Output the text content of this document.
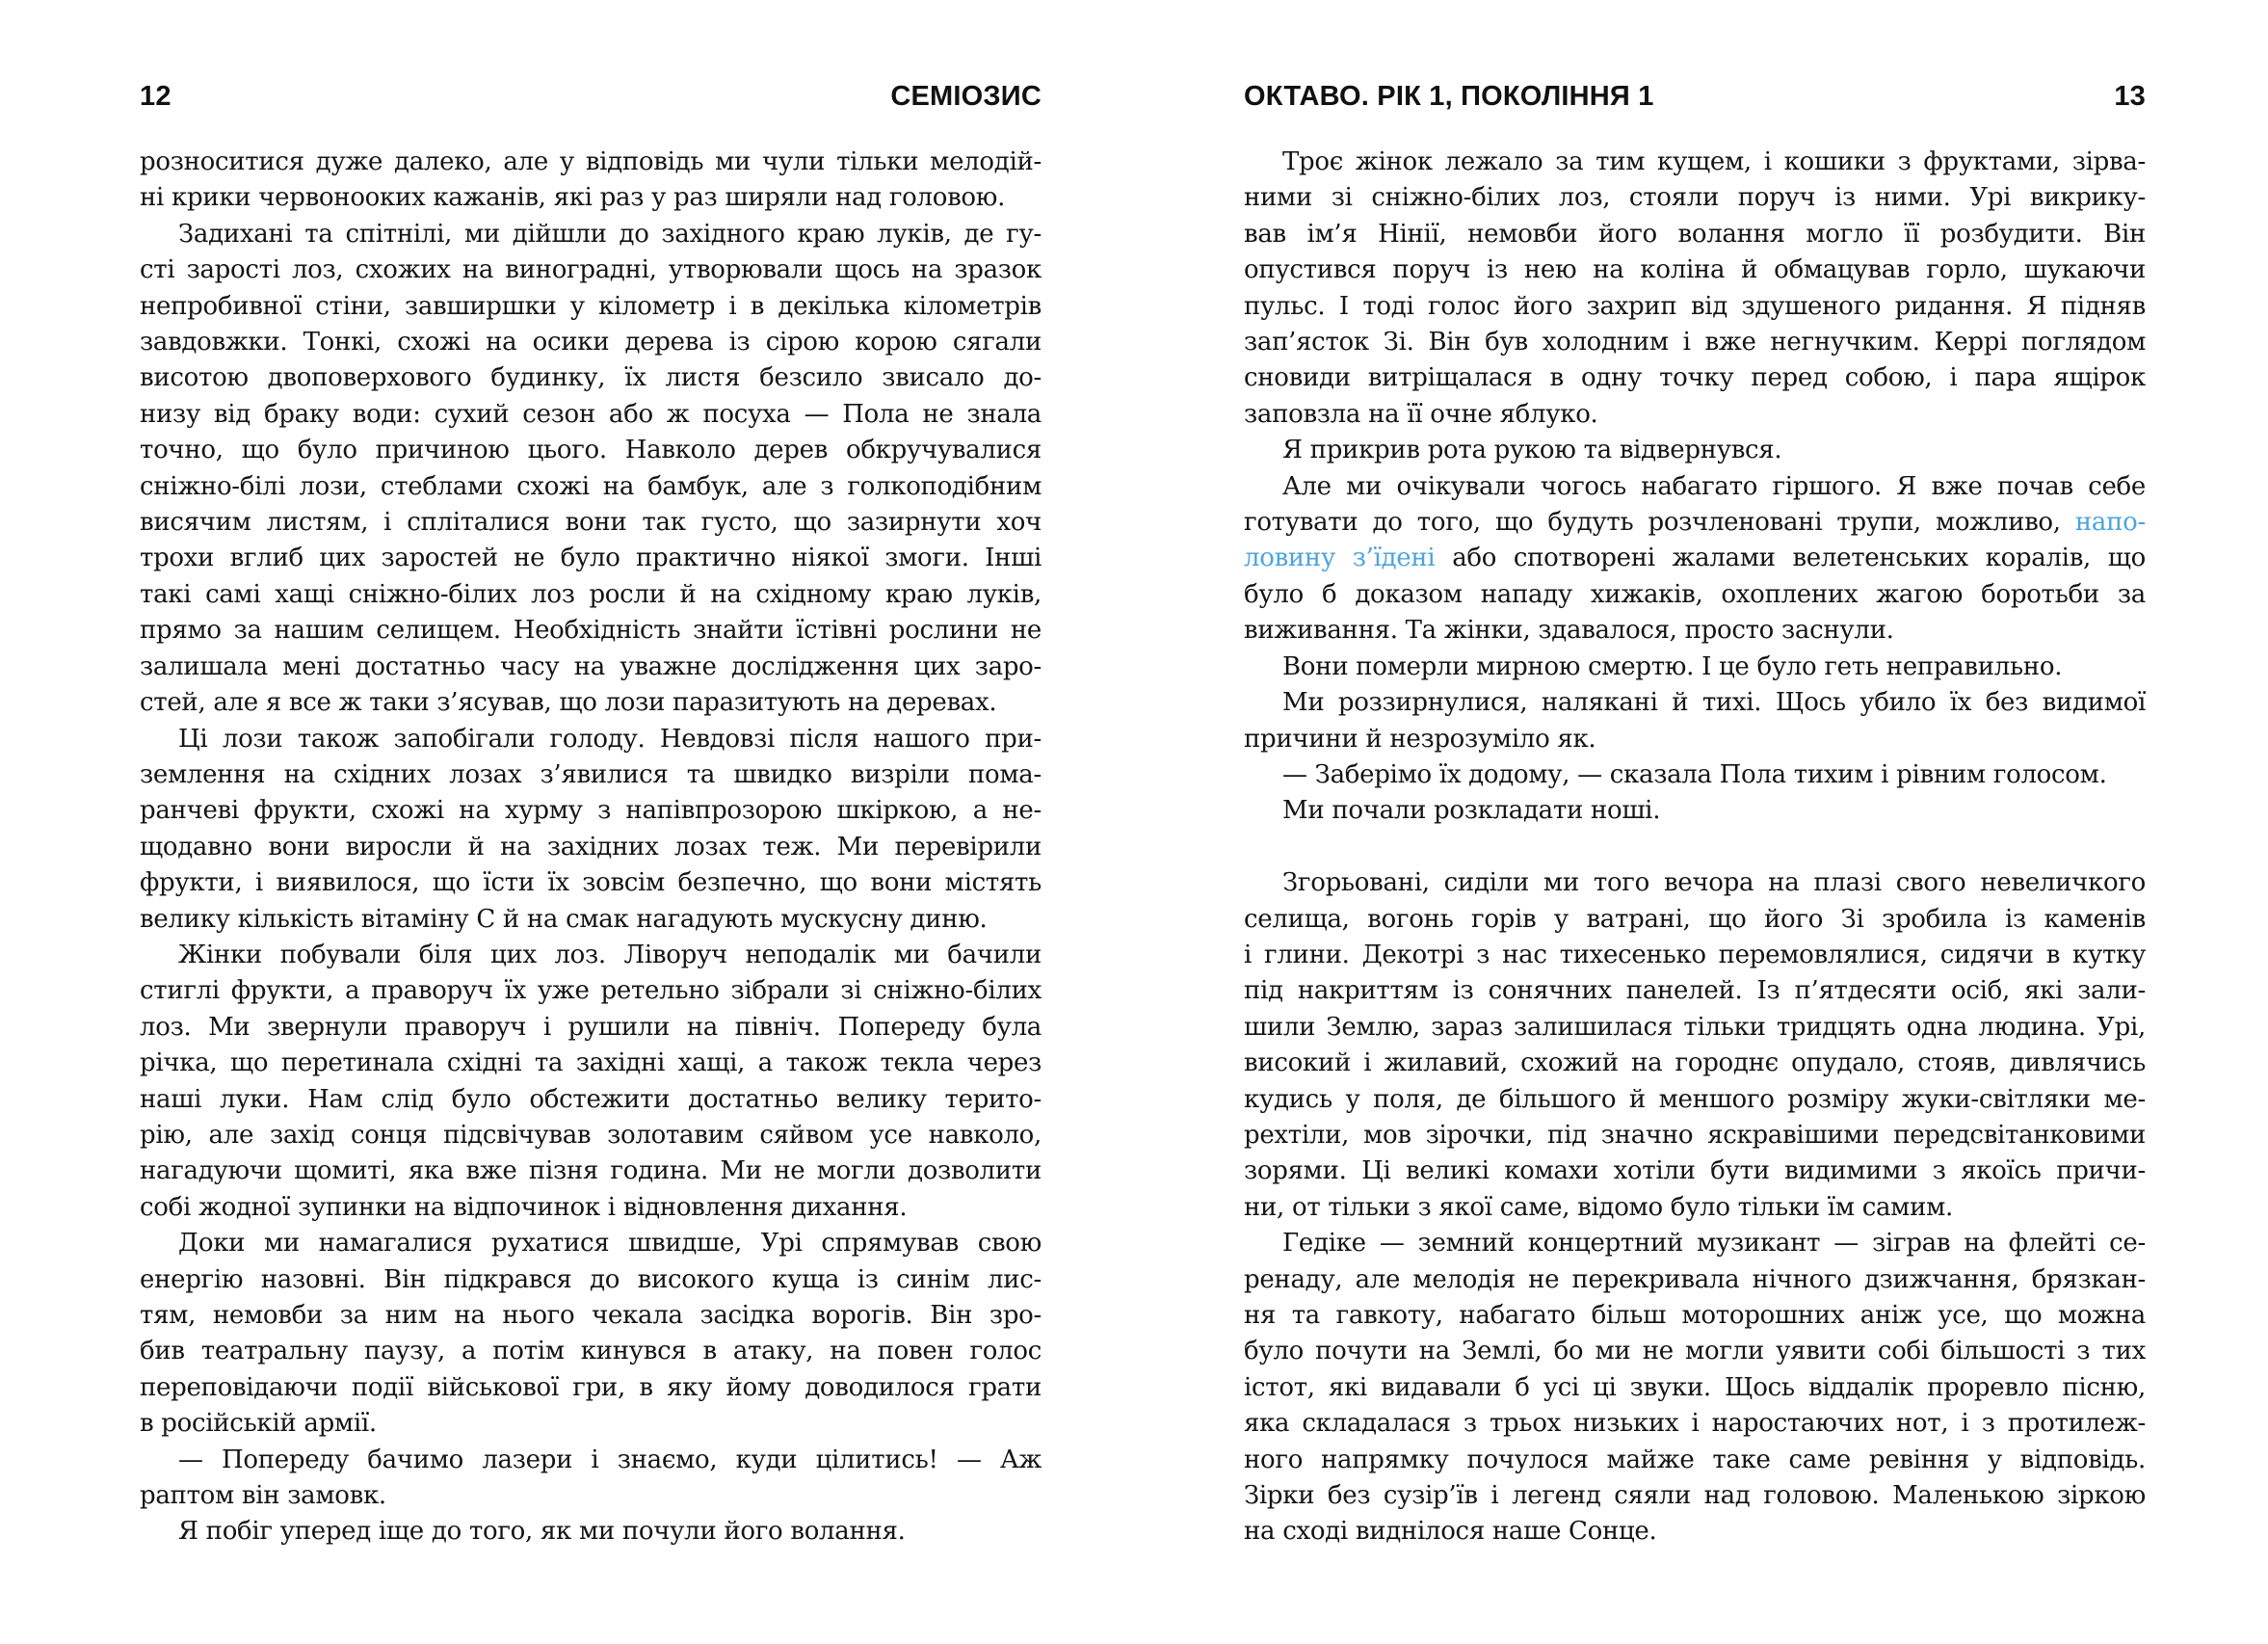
12	СЕМІОЗИС
розноситися дуже далеко, але у відповідь ми чули тільки мелодій-
ні крики червонооких кажанів, які раз у раз ширяли над головою.
Задихані та спітнілі, ми дійшли до західного краю луків, де гу-
сті зарості лоз, схожих на виноградні, утворювали щось на зразок
непробивної стіни, завширшки у кілометр і в декілька кілометрів
завдовжки. Тонкі, схожі на осики дерева із сірою корою сягали
висотою двоповерхового будинку, їх листя безсило звисало до-
низу від браку води: сухий сезон або ж посуха — Пола не знала
точно, що було причиною цього. Навколо дерев обкручувалися
сніжно-білі лози, стеблами схожі на бамбук, але з голкоподібним
висячим листям, і спліталися вони так густо, що зазирнути хоч
трохи вглиб цих заростей не було практично ніякої змоги. Інші
такі самі хащі сніжно-білих лоз росли й на східному краю луків,
прямо за нашим селищем. Необхідність знайти їстівні рослини не
залишала мені достатньо часу на уважне дослідження цих заро-
стей, але я все ж таки з’ясував, що лози паразитують на деревах.
Ці лози також запобігали голоду. Невдовзі після нашого при-
землення на східних лозах з’явилися та швидко визріли пома-
ранчеві фрукти, схожі на хурму з напівпрозорою шкіркою, а не-
щодавно вони виросли й на західних лозах теж. Ми перевірили
фрукти, і виявилося, що їсти їх зовсім безпечно, що вони містять
велику кількість вітаміну С й на смак нагадують мускусну диню.
Жінки побували біля цих лоз. Ліворуч неподалік ми бачили
стиглі фрукти, а праворуч їх уже ретельно зібрали зі сніжно-білих
лоз. Ми звернули праворуч і рушили на північ. Попереду була
річка, що перетинала східні та західні хащі, а також текла через
наші луки. Нам слід було обстежити достатньо велику терито-
рію, але захід сонця підсвічував золотавим сяйвом усе навколо,
нагадуючи щомиті, яка вже пізня година. Ми не могли дозволити
собі жодної зупинки на відпочинок і відновлення дихання.
Доки ми намагалися рухатися швидше, Урі спрямував свою
енергію назовні. Він підкрався до високого куща із синім лис-
тям, немовби за ним на нього чекала засідка ворогів. Він зро-
бив театральну паузу, а потім кинувся в атаку, на повен голос
переповідаючи події військової гри, в яку йому доводилося грати
в російській армії.
— Попереду бачимо лазери і знаємо, куди цілитись! — Аж
раптом він замовк.
Я побіг уперед іще до того, як ми почули його волання.
ОКТАВО. РІК 1, ПОКОЛІННЯ 1	13
Троє жінок лежало за тим кущем, і кошики з фруктами, зірва-
ними зі сніжно-білих лоз, стояли поруч із ними. Урі викрику-
вав ім’я Нінії, немовби його волання могло її розбудити. Він
опустився поруч із нею на коліна й обмацував горло, шукаючи
пульс. І тоді голос його захрип від здушеного ридання. Я підняв
зап’ясток Зі. Він був холодним і вже негнучким. Керрі поглядом
сновиди витріщалася в одну точку перед собою, і пара ящірок
заповзла на її очне яблуко.
Я прикрив рота рукою та відвернувся.
Але ми очікували чогось набагато гіршого. Я вже почав себе
готувати до того, що будуть розчленовані трупи, можливо, напо-
ловину з’їдені або спотворені жалами велетенських коралів, що
було б доказом нападу хижаків, охоплених жагою боротьби за
виживання. Та жінки, здавалося, просто заснули.
Вони померли мирною смертю. І це було геть неправильно.
Ми роззирнулися, налякані й тихі. Щось убило їх без видимої
причини й незрозуміло як.
— Заберімо їх додому, — сказала Пола тихим і рівним голосом.
Ми почали розкладати ноші.
Згорьовані, сиділи ми того вечора на плазі свого невеличкого
селища, вогонь горів у ватрані, що його Зі зробила із каменів
і глини. Декотрі з нас тихесенько перемовлялися, сидячи в кутку
під накриттям із сонячних панелей. Із п’ятдесяти осіб, які зали-
шили Землю, зараз залишилася тільки тридцять одна людина. Урі,
високий і жилавий, схожий на городнє опудало, стояв, дивлячись
кудись у поля, де більшого й меншого розміру жуки-світляки ме-
рехтіли, мов зірочки, під значно яскравішими передсвітанковими
зорями. Ці великі комахи хотіли бути видимими з якоїсь причи-
ни, от тільки з якої саме, відомо було тільки їм самим.
Гедіке — земний концертний музикант — зіграв на флейті се-
ренаду, але мелодія не перекривала нічного дзижчання, брязкан-
ня та гавкоту, набагато більш моторошних аніж усе, що можна
було почути на Землі, бо ми не могли уявити собі більшості з тих
істот, які видавали б усі ці звуки. Щось віддалік проревло пісню,
яка складалася з трьох низьких і наростаючих нот, і з протилеж-
ного напрямку почулося майже таке саме ревіння у відповідь.
Зірки без сузір’їв і легенд сяяли над головою. Маленькою зіркою
на сході виднілося наше Сонце.
